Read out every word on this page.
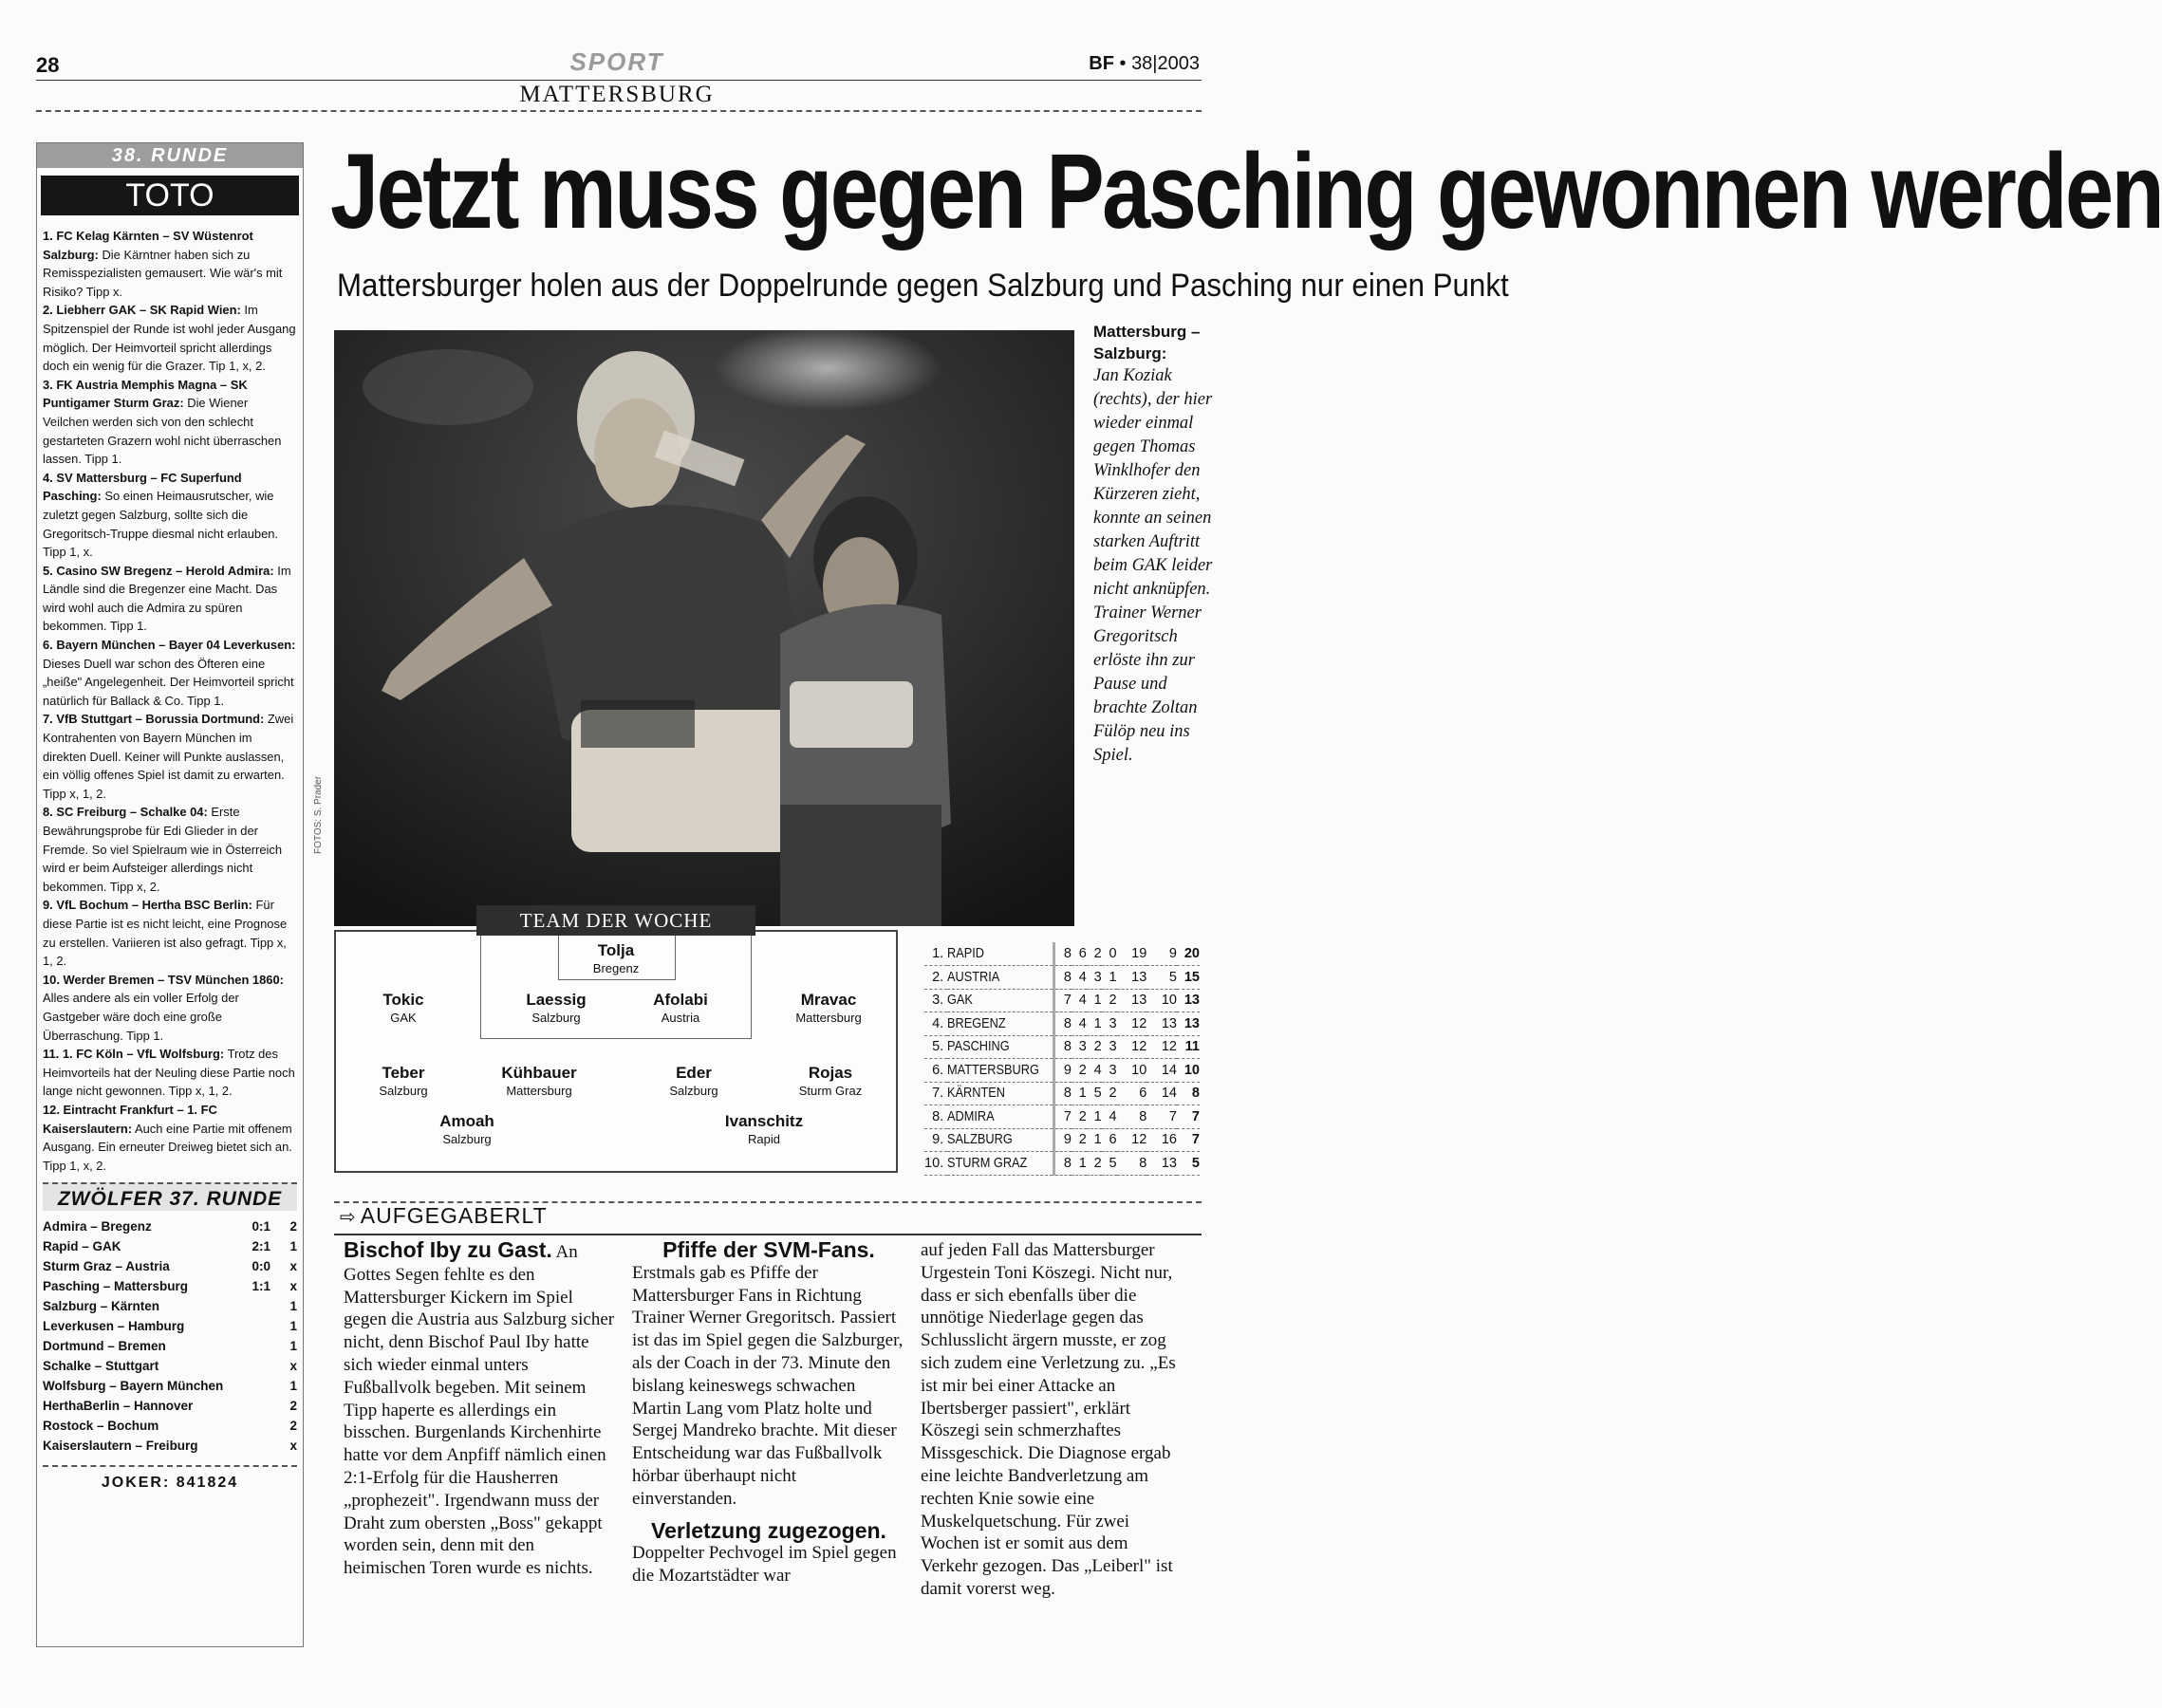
28	SPORT	BF • 38|2003
MATTERSBURG
38. RUNDE
TOTO
1. FC Kelag Kärnten – SV Wüstenrot Salzburg: Die Kärntner haben sich zu Remisspezialisten gemausert. Wie wär's mit Risiko? Tipp x.
2. Liebherr GAK – SK Rapid Wien: Im Spitzenspiel der Runde ist wohl jeder Ausgang möglich. Der Heimvorteil spricht allerdings doch ein wenig für die Grazer. Tip 1, x, 2.
3. FK Austria Memphis Magna – SK Puntigamer Sturm Graz: Die Wiener Veilchen werden sich von den schlecht gestarteten Grazern wohl nicht überraschen lassen. Tipp 1.
4. SV Mattersburg – FC Superfund Pasching: So einen Heimausrutscher, wie zuletzt gegen Salzburg, sollte sich die Gregoritsch-Truppe diesmal nicht erlauben. Tipp 1, x.
5. Casino SW Bregenz – Herold Admira: Im Ländle sind die Bregenzer eine Macht. Das wird wohl auch die Admira zu spüren bekommen. Tipp 1.
6. Bayern München – Bayer 04 Leverkusen: Dieses Duell war schon des Öfteren eine „heiße" Angelegenheit. Der Heimvorteil spricht natürlich für Ballack & Co. Tipp 1.
7. VfB Stuttgart – Borussia Dortmund: Zwei Kontrahenten von Bayern München im direkten Duell. Keiner will Punkte auslassen, ein völlig offenes Spiel ist damit zu erwarten. Tipp x, 1, 2.
8. SC Freiburg – Schalke 04: Erste Bewährungsprobe für Edi Glieder in der Fremde. So viel Spielraum wie in Österreich wird er beim Aufsteiger allerdings nicht bekommen. Tipp x, 2.
9. VfL Bochum – Hertha BSC Berlin: Für diese Partie ist es nicht leicht, eine Prognose zu erstellen. Variieren ist also gefragt. Tipp x, 1, 2.
10. Werder Bremen – TSV München 1860: Alles andere als ein voller Erfolg der Gastgeber wäre doch eine große Überraschung. Tipp 1.
11. 1. FC Köln – VfL Wolfsburg: Trotz des Heimvorteils hat der Neuling diese Partie noch lange nicht gewonnen. Tipp x, 1, 2.
12. Eintracht Frankfurt – 1. FC Kaiserslautern: Auch eine Partie mit offenem Ausgang. Ein erneuter Dreiweg bietet sich an. Tipp 1, x, 2.
ZWÖLFER 37. RUNDE
Admira – Bregenz	0:1	2
Rapid – GAK	2:1	1
Sturm Graz – Austria	0:0	x
Pasching – Mattersburg	1:1	x
Salzburg – Kärnten		1
Leverkusen – Hamburg		1
Dortmund – Bremen		1
Schalke – Stuttgart		x
Wolfsburg – Bayern München		1
HerthaBerlin – Hannover		2
Rostock – Bochum		2
Kaiserslautern – Freiburg		x
JOKER: 841824
Jetzt muss gegen Pasching gewonnen werden
Mattersburger holen aus der Doppelrunde gegen Salzburg und Pasching nur einen Punkt
FOTOS: S. Prader
Mattersburg – Salzburg:
Jan Koziak (rechts), der hier wieder einmal gegen Thomas Winklhofer den Kürzeren zieht, konnte an seinen starken Auftritt beim GAK leider nicht anknüpfen. Trainer Werner Gregoritsch erlöste ihn zur Pause und brachte Zoltan Fülöp neu ins Spiel.
TEAM DER WOCHE
Tolja
Bregenz
Tokic
GAK
Laessig
Salzburg
Afolabi
Austria
Mravac
Mattersburg
Teber
Salzburg
Kühbauer
Mattersburg
Eder
Salzburg
Rojas
Sturm Graz
Amoah
Salzburg
Ivanschitz
Rapid
1.	RAPID	8	6	2	0	19	9	20
2.	AUSTRIA	8	4	3	1	13	5	15
3.	GAK	7	4	1	2	13	10	13
4.	BREGENZ	8	4	1	3	12	13	13
5.	PASCHING	8	3	2	3	12	12	11
6.	MATTERSBURG	9	2	4	3	10	14	10
7.	KÄRNTEN	8	1	5	2	6	14	8
8.	ADMIRA	7	2	1	4	8	7	7
9.	SALZBURG	9	2	1	6	12	16	7
10.	STURM GRAZ	8	1	2	5	8	13	5
⇨ AUFGEGABERLT

Bischof Iby zu Gast. An Gottes Segen fehlte es den Mattersburger Kickern im Spiel gegen die Austria aus Salzburg sicher nicht, denn Bischof Paul Iby hatte sich wieder einmal unters Fußballvolk begeben. Mit seinem Tipp haperte es allerdings ein bisschen. Burgenlands Kirchenhirte hatte vor dem Anpfiff nämlich einen 2:1-Erfolg für die Hausherren „prophezeit". Irgendwann muss der Draht zum obersten „Boss" gekappt worden sein, denn mit den heimischen Toren wurde es nichts.

Pfiffe der SVM-Fans.

Erstmals gab es Pfiffe der Mattersburger Fans in Richtung Trainer Werner Gregoritsch. Passiert ist das im Spiel gegen die Salzburger, als der Coach in der 73. Minute den bislang keineswegs schwachen Martin Lang vom Platz holte und Sergej Mandreko brachte. Mit dieser Entscheidung war das Fußballvolk hörbar überhaupt nicht einverstanden.

Verletzung zugezogen.

Doppelter Pechvogel im Spiel gegen die Mozartstädter war

auf jeden Fall das Mattersburger Urgestein Toni Köszegi. Nicht nur, dass er sich ebenfalls über die unnötige Niederlage gegen das Schlusslicht ärgern musste, er zog sich zudem eine Verletzung zu. „Es ist mir bei einer Attacke an Ibertsberger passiert", erklärt Köszegi sein schmerzhaftes Missgeschick. Die Diagnose ergab eine leichte Bandverletzung am rechten Knie sowie eine Muskelquetschung. Für zwei Wochen ist er somit aus dem Verkehr gezogen. Das „Leiberl" ist damit vorerst weg.
